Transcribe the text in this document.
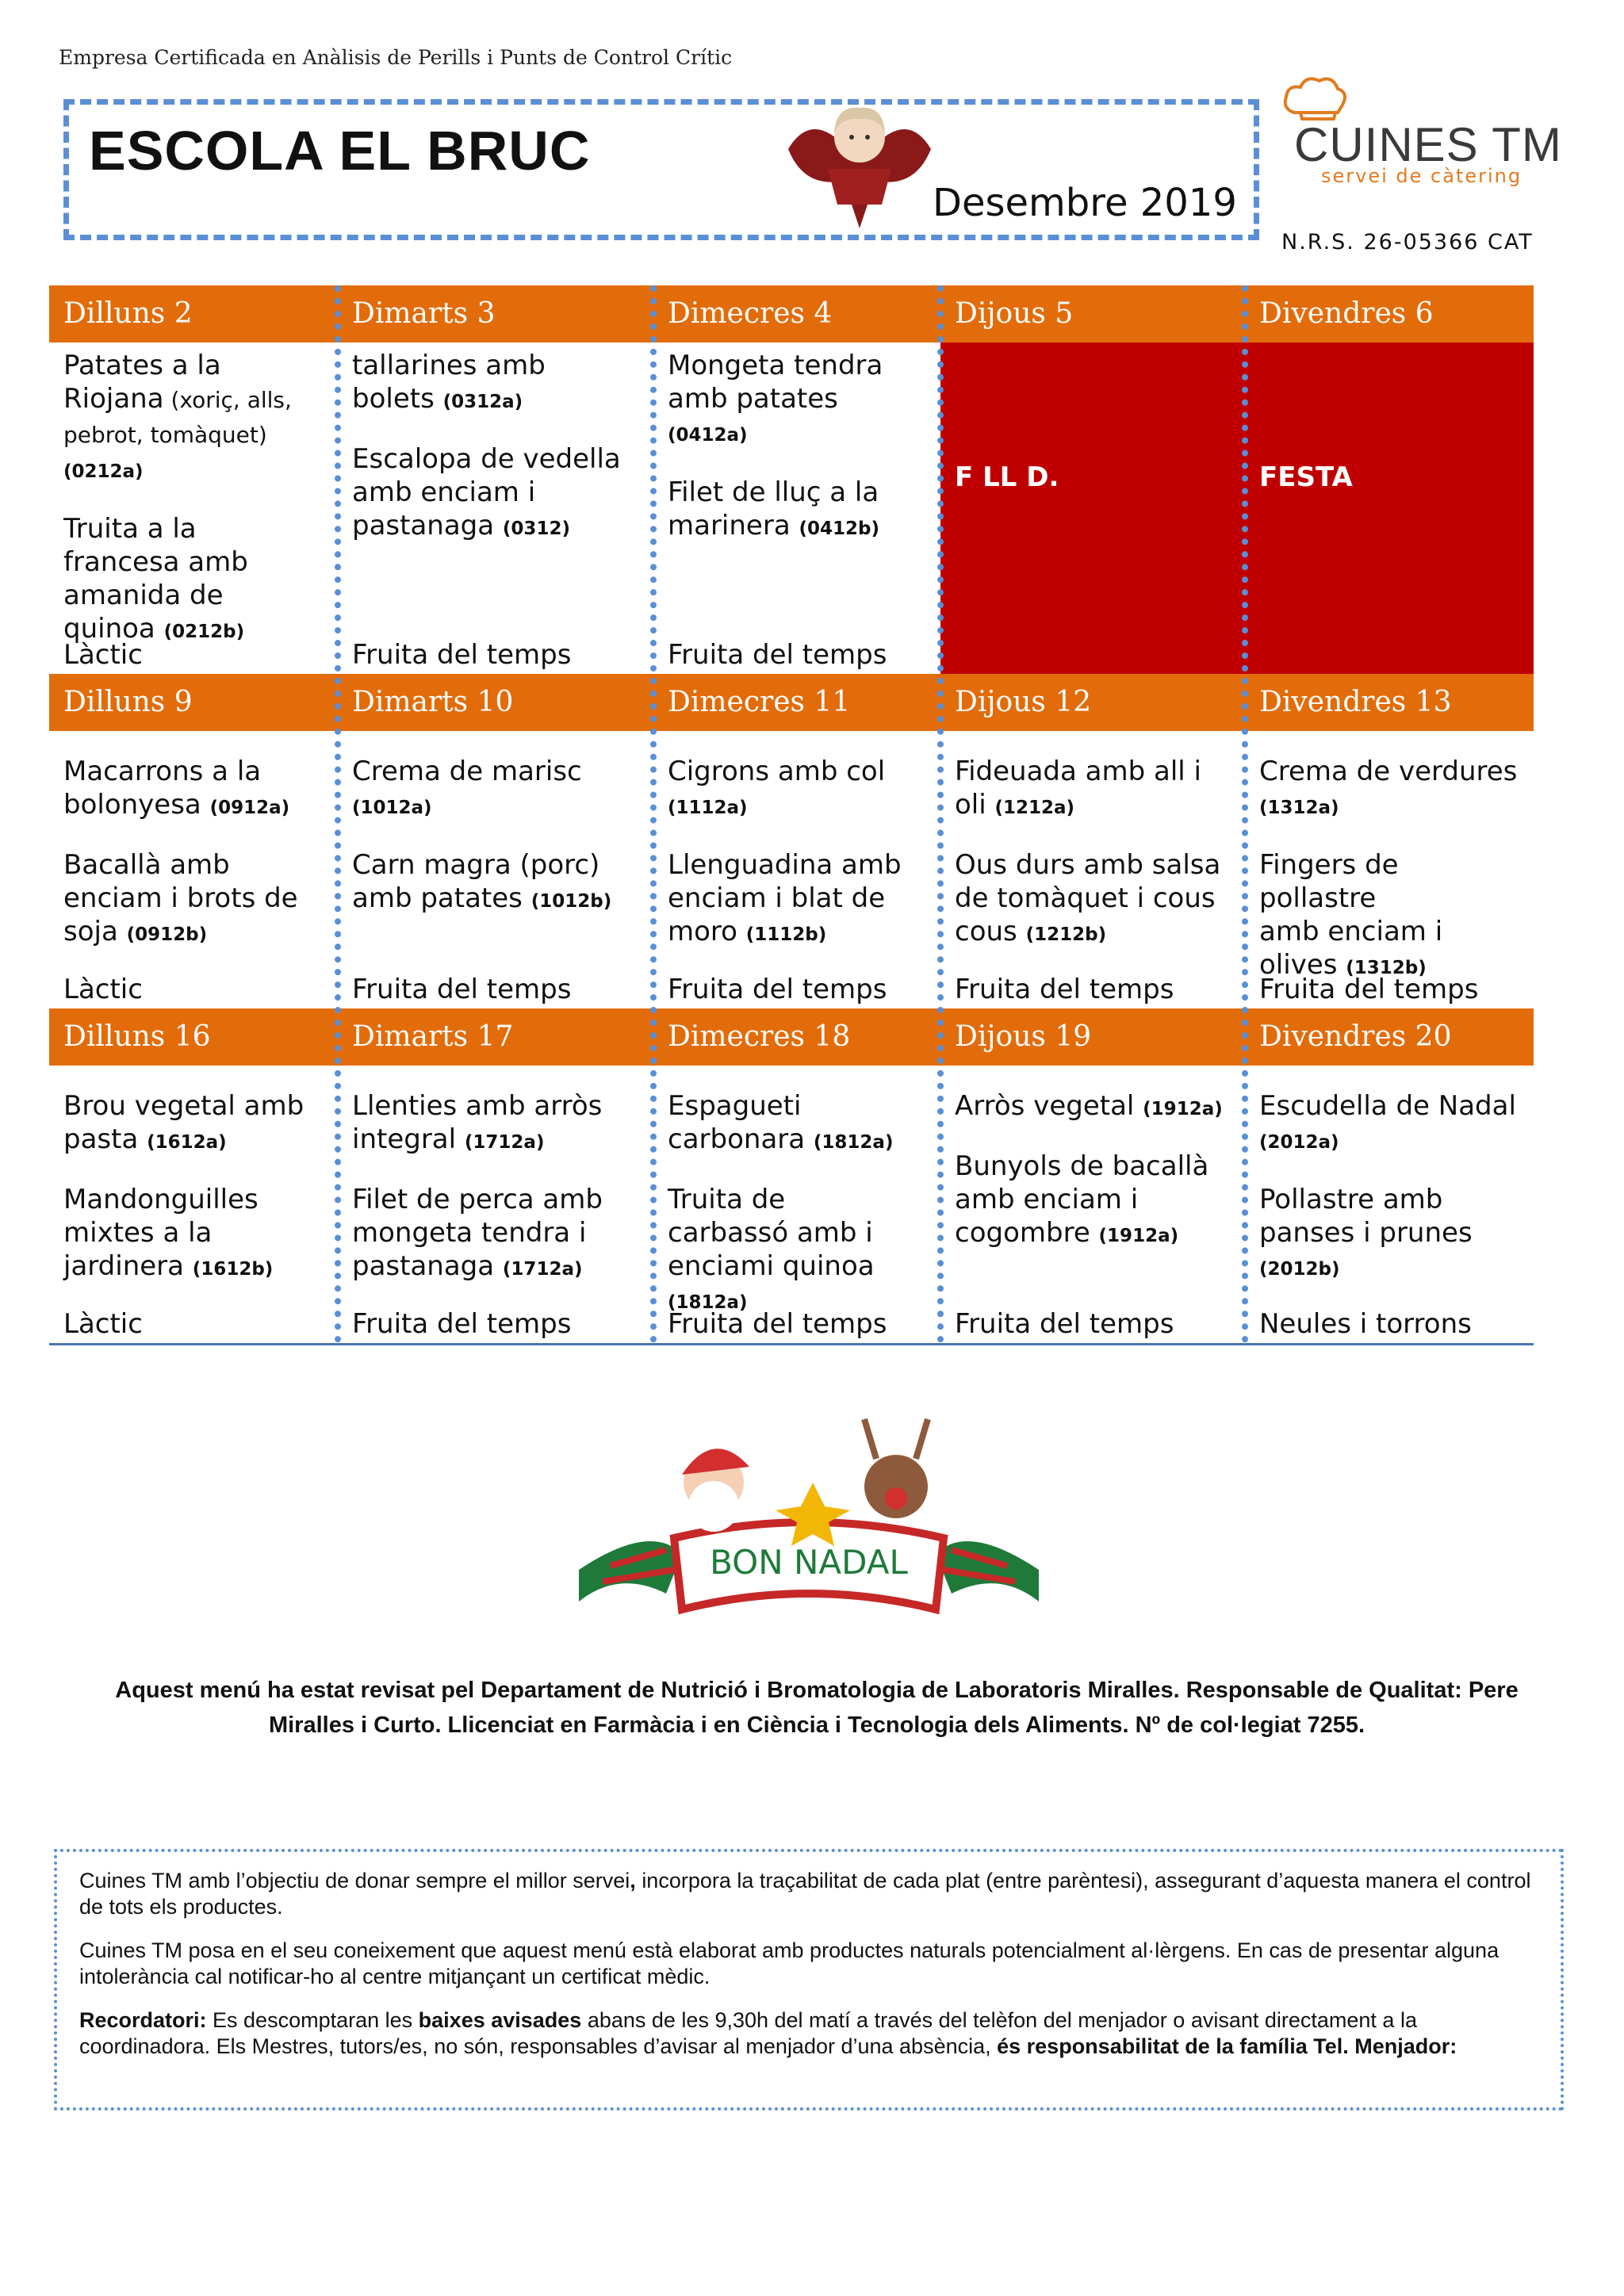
Empresa Certificada en Anàlisis de Perills i Punts de Control Crític
ESCOLA EL BRUC
Desembre 2019
CUINES TM
servei de càtering
N.R.S. 26-05366 CAT
Dilluns 2
Patates a la
Riojana (xoriç, alls,
pebrot, tomàquet) (0212a)
Truita a la
francesa amb
amanida de
quinoa (0212b)
Làctic
Dimarts 3
tallarines amb
bolets (0312a)
Escalopa de vedella
amb enciam i
pastanaga (0312)
Fruita del temps
Dimecres 4
Mongeta tendra
amb patates (0412a)
Filet de lluç a la
marinera (0412b)
Fruita del temps
Dijous 5
F LL D.
Divendres 6
FESTA
Dilluns 9
Macarrons a la
bolonyesa (0912a)
Bacallà amb
enciam i brots de
soja (0912b)
Làctic
Dimarts 10
Crema de marisc (1012a)
Carn magra (porc)
amb patates (1012b)
Fruita del temps
Dimecres 11
Cigrons amb col (1112a)
Llenguadina amb
enciam i blat de
moro (1112b)
Fruita del temps
Dijous 12
Fideuada amb all i
oli (1212a)
Ous durs amb salsa
de tomàquet i cous
cous (1212b)
Fruita del temps
Divendres 13
Crema de verdures (1312a)
Fingers de pollastre
amb enciam i olives (1312b)
Fruita del temps
Dilluns 16
Brou vegetal amb
pasta (1612a)
Mandonguilles
mixtes a la
jardinera (1612b)
Làctic
Dimarts 17
Llenties amb arròs
integral (1712a)
Filet de perca amb
mongeta tendra i
pastanaga (1712a)
Fruita del temps
Dimecres 18
Espagueti
carbonara (1812a)
Truita de
carbassó amb i
enciami quinoa (1812a)
Fruita del temps
Dijous 19
Arròs vegetal (1912a)
Bunyols de bacallà
amb enciam i
cogombre (1912a)
Fruita del temps
Divendres 20
Escudella de Nadal (2012a)
Pollastre amb
panses i prunes (2012b)
Neules i torrons
BON NADAL
Aquest menú ha estat revisat pel Departament de Nutrició i Bromatologia de Laboratoris Miralles. Responsable de Qualitat: Pere Miralles i Curto. Llicenciat en Farmàcia i en Ciència i Tecnologia dels Aliments. Nº de col·legiat 7255.

Cuines TM amb l’objectiu de donar sempre el millor servei, incorpora la traçabilitat de cada plat (entre parèntesi), assegurant d’aquesta manera el control de tots els productes.

Cuines TM posa en el seu coneixement que aquest menú està elaborat amb productes naturals potencialment al·lèrgens. En cas de presentar alguna intolerància cal notificar-ho al centre mitjançant un certificat mèdic.

Recordatori: Es descomptaran les baixes avisades abans de les 9,30h del matí a través del telèfon del menjador o avisant directament a la coordinadora. Els Mestres, tutors/es, no són, responsables d’avisar al menjador d’una absència, és responsabilitat de la família Tel. Menjador:
